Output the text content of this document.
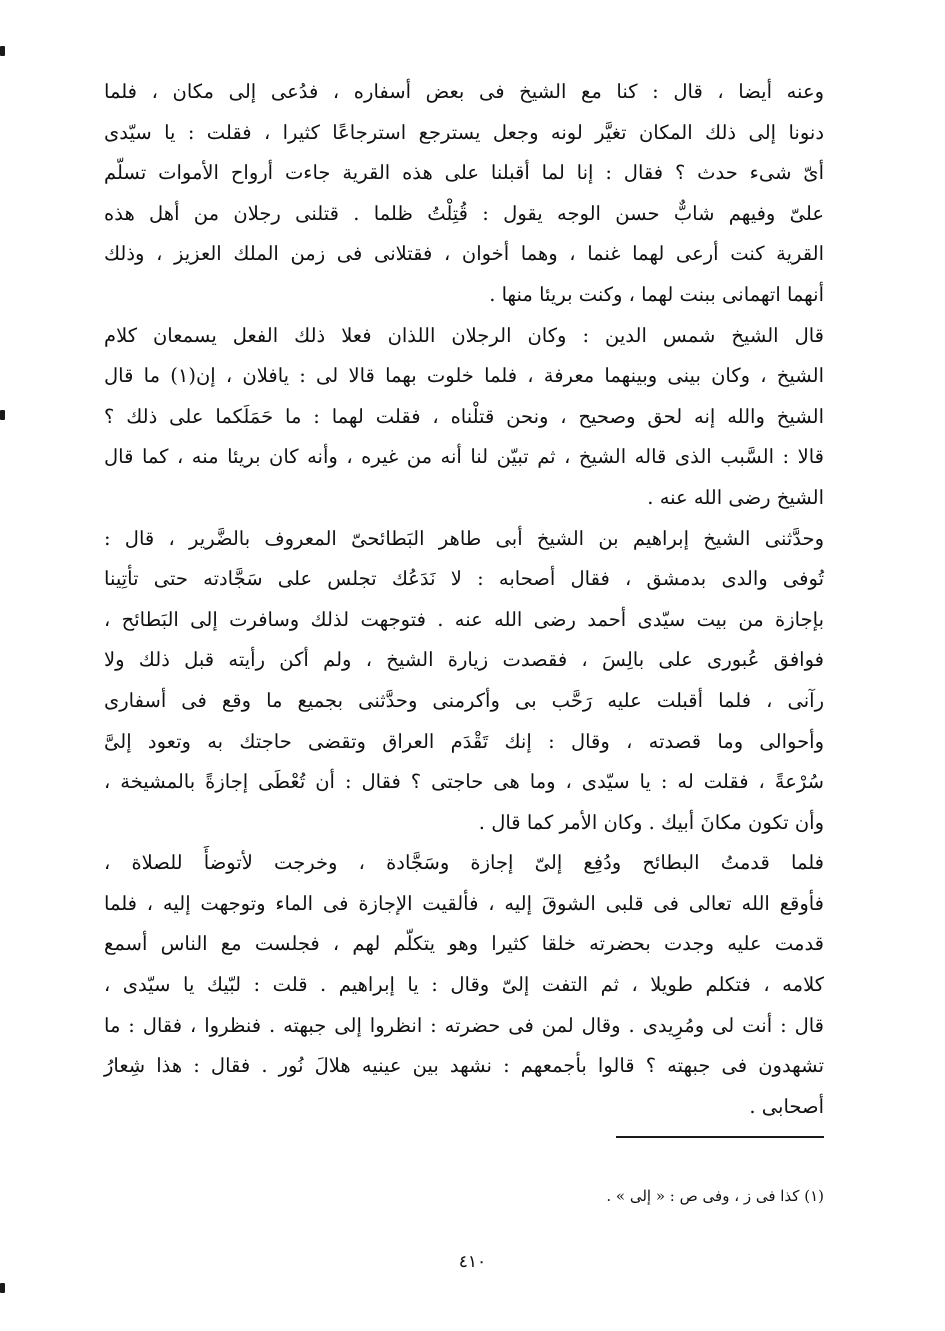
وعنه أيضا ، قال : كنا مع الشيخ فى بعض أسفاره ، فدُعى إلى مكان ، فلما
دنونا إلى ذلك المكان تغيَّر لونه وجعل يسترجع استرجاعًا كثيرا ، فقلت : يا سيّدى
أىّ شىء حدث ؟ فقال : إنا لما أقبلنا على هذه القرية جاءت أرواح الأموات تسلّم
علىّ وفيهم شابٌّ حسن الوجه يقول : قُتِلْتُ ظلما . قتلنى رجلان من أهل هذه
القرية كنت أرعى لهما غنما ، وهما أخوان ، فقتلانى فى زمن الملك العزيز ، وذلك
أنهما اتهمانى ببنت لهما ، وكنت بريئا منها .
قال الشيخ شمس الدين : وكان الرجلان اللذان فعلا ذلك الفعل يسمعان كلام
الشيخ ، وكان بينى وبينهما معرفة ، فلما خلوت بهما قالا لى : يافلان ، إن(١) ما قال
الشيخ والله إنه لحق وصحيح ، ونحن قتلْناه ، فقلت لهما : ما حَمَلَكما على ذلك ؟
قالا : السَّبب الذى قاله الشيخ ، ثم تبيّن لنا أنه من غيره ، وأنه كان بريئا منه ، كما قال
الشيخ رضى الله عنه .
وحدَّثنى الشيخ إبراهيم بن الشيخ أبى طاهر البَطائحىّ المعروف بالضَّرير ، قال :
تُوفى والدى بدمشق ، فقال أصحابه : لا نَدَعُك تجلس على سَجَّادته حتى تأتِينا
بإجازة من بيت سيّدى أحمد رضى الله عنه . فتوجهت لذلك وسافرت إلى البَطائح ،
فوافق عُبورى على بالِسَ ، فقصدت زيارة الشيخ ، ولم أكن رأيته قبل ذلك ولا
رآنى ، فلما أقبلت عليه رَحَّب بى وأكرمنى وحدَّثنى بجميع ما وقع فى أسفارى
وأحوالى وما قصدته ، وقال : إنك تَقْدَم العراق وتقضى حاجتك به وتعود إلىَّ
سُرْعةً ، فقلت له : يا سيّدى ، وما هى حاجتى ؟ فقال : أن تُعْطَى إجازةً بالمشيخة ،
وأن تكون مكانَ أبيك . وكان الأمر كما قال .
فلما قدمتُ البطائح ودُفِع إلىّ إجازة وسَجَّادة ، وخرجت لأتوضأَ للصلاة ،
فأوقع الله تعالى فى قلبى الشوقَ إليه ، فألقيت الإجازة فى الماء وتوجهت إليه ، فلما
قدمت عليه وجدت بحضرته خلقا كثيرا وهو يتكلّم لهم ، فجلست مع الناس أسمع
كلامه ، فتكلم طويلا ، ثم التفت إلىّ وقال : يا إبراهيم . قلت : لبّيك يا سيّدى ،
قال : أنت لى ومُرِيدى . وقال لمن فى حضرته : انظروا إلى جبهته . فنظروا ، فقال : ما
تشهدون فى جبهته ؟ قالوا بأجمعهم : نشهد بين عينيه هلالَ نُور . فقال : هذا شِعارُ
أصحابى .
(١) كذا فى ز ، وفى ص : « إلى » .
٤١٠
